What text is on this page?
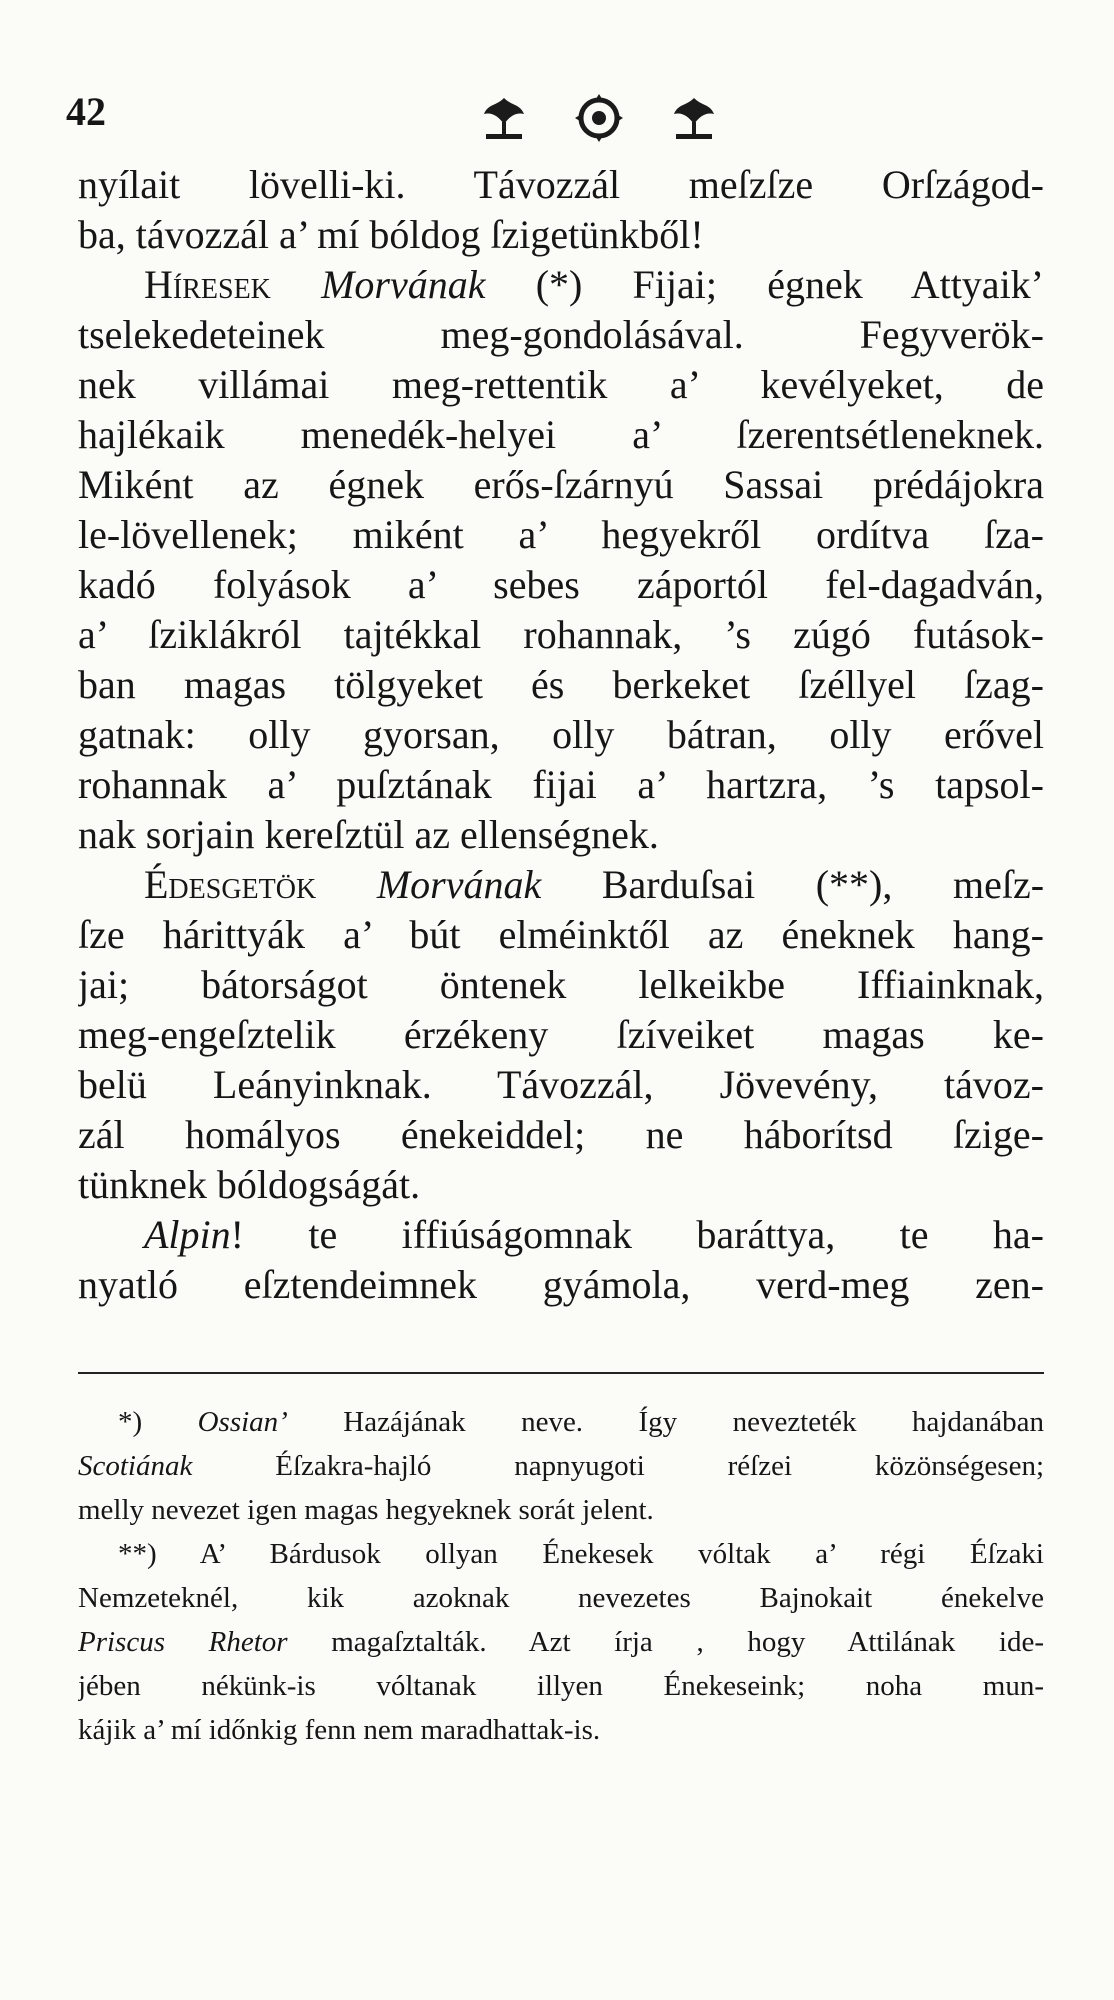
42
nyílait lövelli-ki. Távozzál meſzſze Orſzágod-
ba, távozzál a’ mí bóldog ſzigetünkből!
Híresek Morvának (*) Fijai; égnek Attyaik’
tselekedeteinek meg-gondolásával. Fegyverök-
nek villámai meg-rettentik a’ kevélyeket, de
hajlékaik menedék-helyei a’ ſzerentsétleneknek.
Miként az égnek erős-ſzárnyú Sassai prédájokra
le-lövellenek; miként a’ hegyekről ordítva ſza-
kadó folyások a’ sebes záportól fel-dagadván,
a’ ſziklákról tajtékkal rohannak, ’s zúgó futások-
ban magas tölgyeket és berkeket ſzéllyel ſzag-
gatnak: olly gyorsan, olly bátran, olly erővel
rohannak a’ puſztának fijai a’ hartzra, ’s tapsol-
nak sorjain kereſztül az ellenségnek.
Édesgetök Morvának Barduſsai (**), meſz-
ſze hárittyák a’ bút elméinktől az éneknek hang-
jai; bátorságot öntenek lelkeikbe Iffiainknak,
meg-engeſztelik érzékeny ſzíveiket magas ke-
belü Leányinknak. Távozzál, Jövevény, távoz-
zál homályos énekeiddel; ne háborítsd ſzige-
tünknek bóldogságát.
Alpin! te iffiúságomnak baráttya, te ha-
nyatló eſztendeimnek gyámola, verd-meg zen-
*) Ossian’ Hazájának neve. Így nevezteték hajdanában
Scotiának	Éſzakra-hajló napnyugoti réſzei közönségesen;
melly nevezet igen magas hegyeknek sorát jelent.
**) A’ Bárdusok ollyan Énekesek vóltak a’ régi Éſzaki
Nemzeteknél, kik azoknak nevezetes Bajnokait énekelve
Priscus Rhetor magaſztalták. Azt írja , hogy Attilának ide-
jében nékünk-is vóltanak illyen Énekeseink; noha mun-
kájik a’ mí időnkig fenn nem maradhattak-is.
